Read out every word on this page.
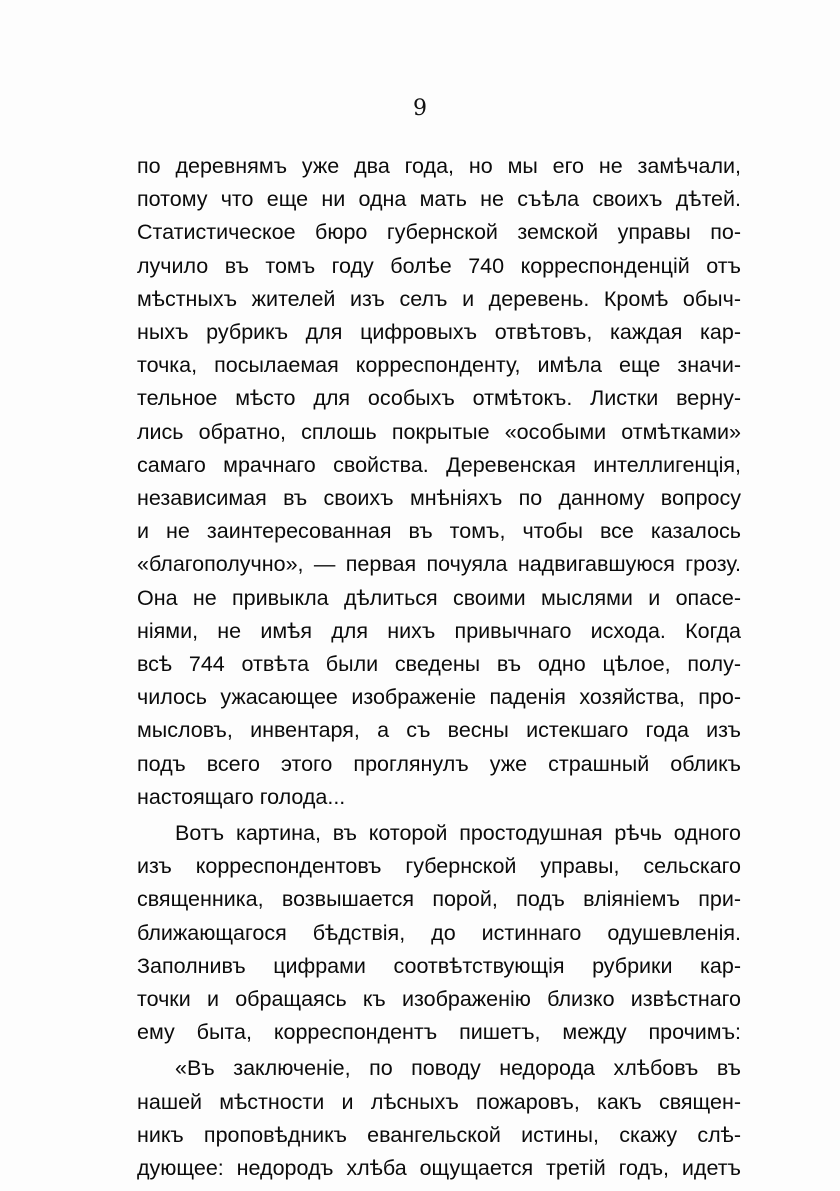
9
по деревнямъ уже два года, но мы его не замѣчали,
потому что еще ни одна мать не съѣла своихъ дѣтей.
Статистическое бюро губернской земской управы по-
лучило въ томъ году болѣе 740 корреспонденцій отъ
мѣстныхъ жителей изъ селъ и деревень. Кромѣ обыч-
ныхъ рубрикъ для цифровыхъ отвѣтовъ, каждая кар-
точка, посылаемая корреспонденту, имѣла еще значи-
тельное мѣсто для особыхъ отмѣтокъ. Листки верну-
лись обратно, сплошь покрытые «особыми отмѣтками»
самаго мрачнаго свойства. Деревенская интеллигенція,
независимая въ своихъ мнѣніяхъ по данному вопросу
и не заинтересованная въ томъ, чтобы все казалось
«благополучно», — первая почуяла надвигавшуюся грозу.
Она не привыкла дѣлиться своими мыслями и опасе-
ніями, не имѣя для нихъ привычнаго исхода. Когда
всѣ 744 отвѣта были сведены въ одно цѣлое, полу-
чилось ужасающее изображеніе паденія хозяйства, про-
мысловъ, инвентаря, а съ весны истекшаго года изъ
подъ всего этого проглянулъ уже страшный обликъ
настоящаго голода...
Вотъ картина, въ которой простодушная рѣчь одного
изъ корреспондентовъ губернской управы, сельскаго
священника, возвышается порой, подъ вліяніемъ при-
ближающагося бѣдствія, до истиннаго одушевленія.
Заполнивъ цифрами соотвѣтствующія рубрики кар-
точки и обращаясь къ изображенію близко извѣстнаго
ему быта, корреспондентъ пишетъ, между прочимъ:
«Въ заключеніе, по поводу недорода хлѣбовъ въ
нашей мѣстности и лѣсныхъ пожаровъ, какъ священ-
никъ проповѣдникъ евангельской истины, скажу слѣ-
дующее: недородъ хлѣба ощущается третій годъ, идетъ
